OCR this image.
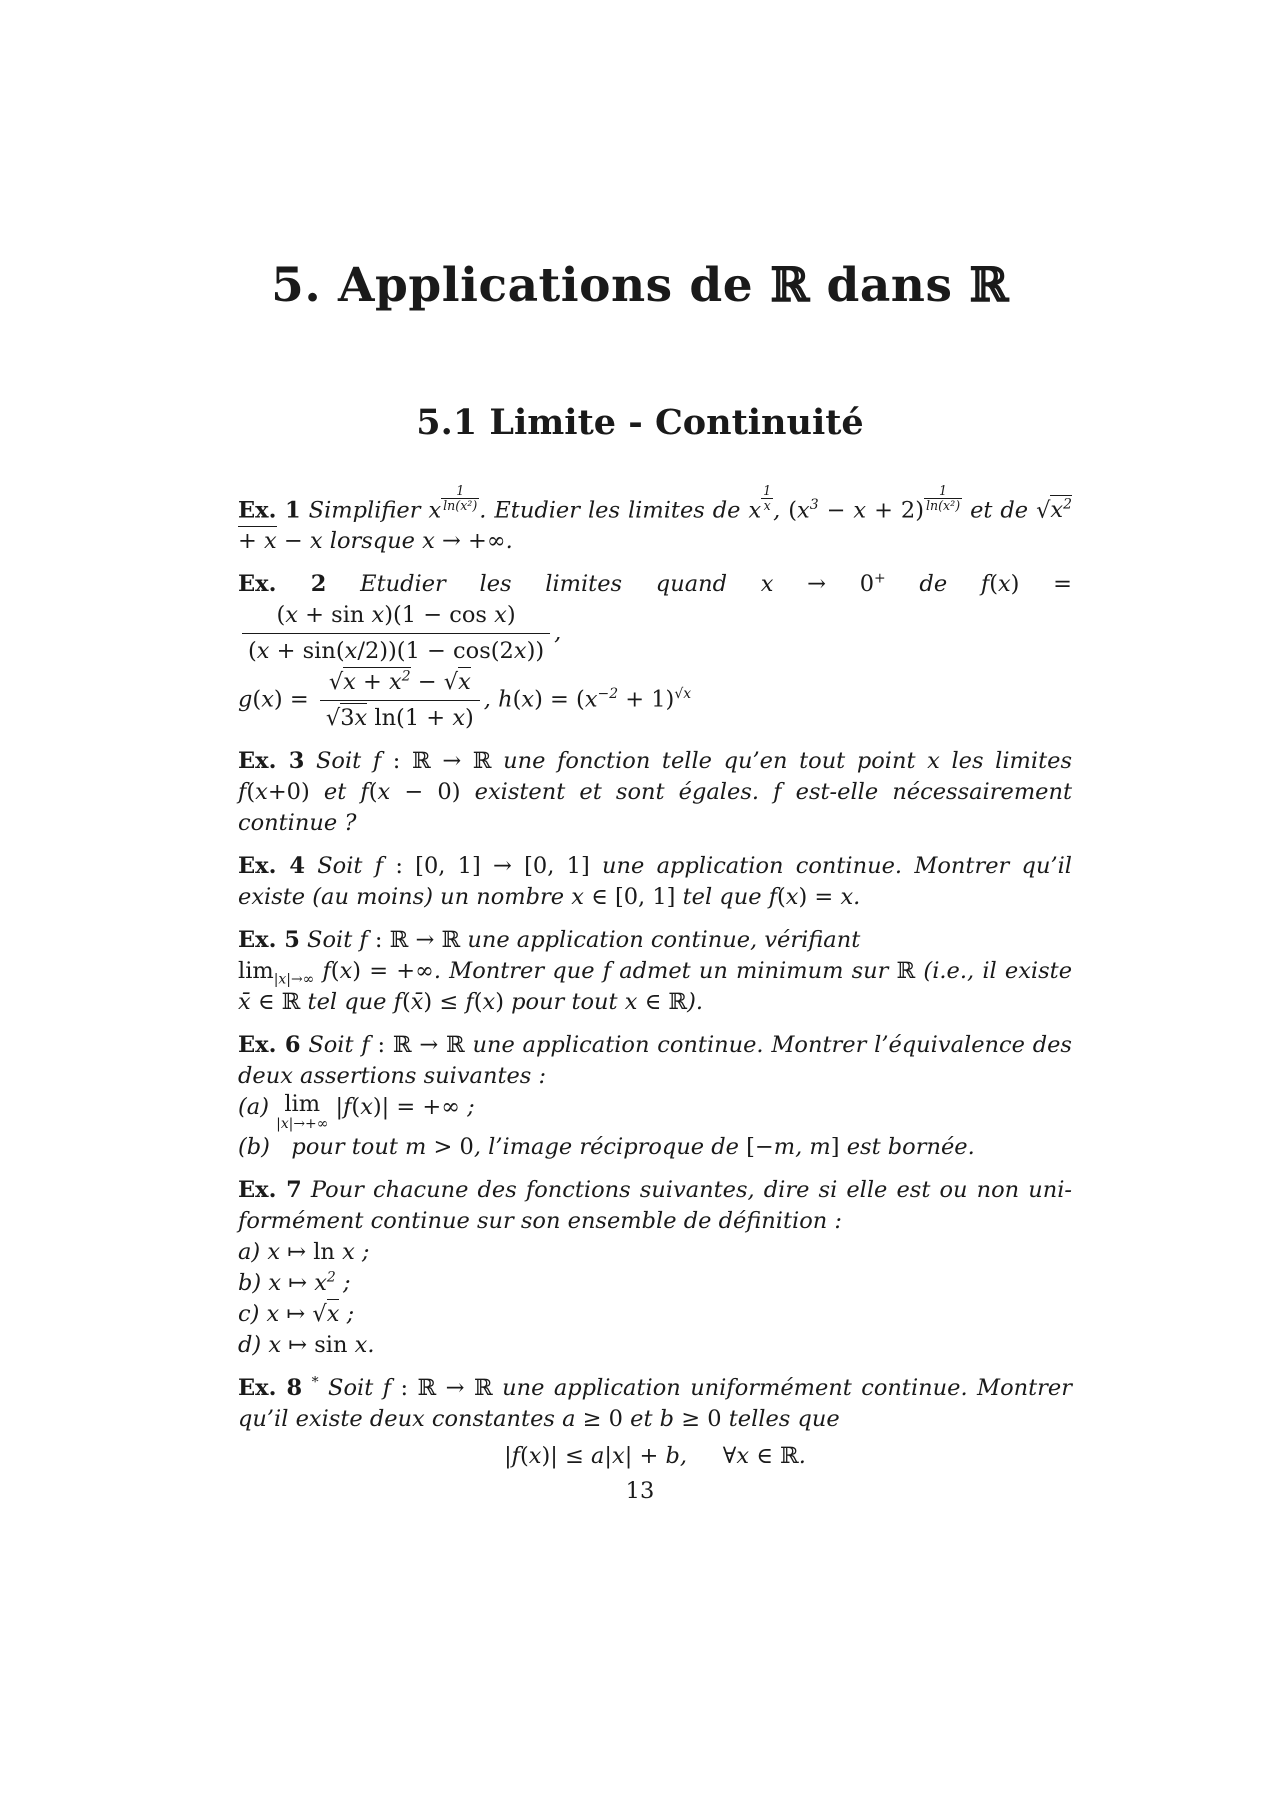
5. Applications de ℝ dans ℝ
5.1 Limite - Continuité
Ex. 1 Simplifier x $\frac{1}{\text{ln(x²)}}$ . Etudier les limites de x $\frac{1}{x}$ , $(x^3 - x + 2) \frac{1}{\text{ln(x²)}}$ et de $√x^2 + x - x$ lorsque x → +∞.
Ex. 2 Etudier les limites quand x → 0+ de f(x) =
$\frac{\text{(x + sin x)(1 − cos x)}}{(x + \sin(x/2))(1 - \cos(2x))}$ ,
$g(x) = \frac{√x + x^2 - √x}{\text{√3x ln(1 + x)}}$ , $h(x) = (x^{-2} + 1)^{√x}$
Ex. 3 Soit f : ℝ → ℝ une fonction telle qu’en tout point x les limites f(x+0) et f(x − 0) existent et sont égales. f est-elle nécessairement continue ?
Ex. 4 Soit f : [0, 1] → [0, 1] une application continue. Montrer qu’il existe (au moins) un nombre x ∈ [0, 1] tel que f(x) = x.
Ex. 5 Soit f : ℝ → ℝ une application continue, vérifiant
$\lim_{|x|\to\infty} f(x)$ = +∞. Montrer que f admet un minimum sur ℝ (i.e., il existe x̄ ∈ ℝ tel que f(x̄) ≤ f(x) pour tout x ∈ ℝ).
Ex. 6 Soit f : ℝ → ℝ une application continue. Montrer l’équivalence des deux assertions suivantes :
(a) lim
|x|→+∞
|f(x)| = +∞ ;
(b)   pour tout m > 0, l’image réciproque de [−m, m] est bornée.
Ex. 7 Pour chacune des fonctions suivantes, dire si elle est ou non uni- formément continue sur son ensemble de définition :
a) x ↦ ln x ;
b) x ↦ $x^2$ ;
c) x ↦ √x ;
d) x ↦ sin x.
Ex. 8 * Soit f : ℝ → ℝ une application uniformément continue. Montrer qu’il existe deux constantes a ≥ 0 et b ≥ 0 telles que
|f(x)| ≤ a|x| + b,     ∀x ∈ ℝ.
13
